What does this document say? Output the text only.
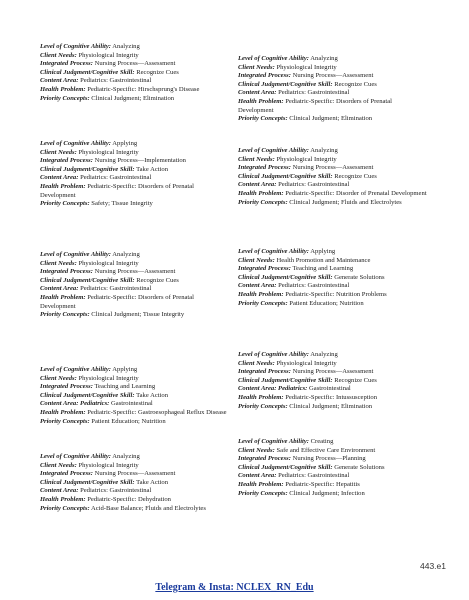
Level of Cognitive Ability: Analyzing
Client Needs: Physiological Integrity
Integrated Process: Nursing Process—Assessment
Clinical Judgment/Cognitive Skill: Recognize Cues
Content Area: Pediatrics: Gastrointestinal
Health Problem: Pediatric-Specific: Hirschsprung's Disease
Priority Concepts: Clinical Judgment; Elimination
Level of Cognitive Ability: Analyzing
Client Needs: Physiological Integrity
Integrated Process: Nursing Process—Assessment
Clinical Judgment/Cognitive Skill: Recognize Cues
Content Area: Pediatrics: Gastrointestinal
Health Problem: Pediatric-Specific: Disorders of Prenatal Development
Priority Concepts: Clinical Judgment; Elimination
Level of Cognitive Ability: Applying
Client Needs: Physiological Integrity
Integrated Process: Nursing Process—Implementation
Clinical Judgment/Cognitive Skill: Take Action
Content Area: Pediatrics: Gastrointestinal
Health Problem: Pediatric-Specific: Disorders of Prenatal Development
Priority Concepts: Safety; Tissue Integrity
Level of Cognitive Ability: Analyzing
Client Needs: Physiological Integrity
Integrated Process: Nursing Process—Assessment
Clinical Judgment/Cognitive Skill: Recognize Cues
Content Area: Pediatrics: Gastrointestinal
Health Problem: Pediatric-Specific: Disorder of Prenatal Development
Priority Concepts: Clinical Judgment; Fluids and Electrolytes
Level of Cognitive Ability: Analyzing
Client Needs: Physiological Integrity
Integrated Process: Nursing Process—Assessment
Clinical Judgment/Cognitive Skill: Recognize Cues
Content Area: Pediatrics: Gastrointestinal
Health Problem: Pediatric-Specific: Disorders of Prenatal Development
Priority Concepts: Clinical Judgment; Tissue Integrity
Level of Cognitive Ability: Applying
Client Needs: Health Promotion and Maintenance
Integrated Process: Teaching and Learning
Clinical Judgment/Cognitive Skill: Generate Solutions
Content Area: Pediatrics: Gastrointestinal
Health Problem: Pediatric-Specific: Nutrition Problems
Priority Concepts: Patient Education; Nutrition
Level of Cognitive Ability: Applying
Client Needs: Physiological Integrity
Integrated Process: Teaching and Learning
Clinical Judgment/Cognitive Skill: Take Action
Content Area: Pediatrics: Gastrointestinal
Health Problem: Pediatric-Specific: Gastroesophageal Reflux Disease
Priority Concepts: Patient Education; Nutrition
Level of Cognitive Ability: Analyzing
Client Needs: Physiological Integrity
Integrated Process: Nursing Process—Assessment
Clinical Judgment/Cognitive Skill: Recognize Cues
Content Area: Pediatrics: Gastrointestinal
Health Problem: Pediatric-Specific: Intussusception
Priority Concepts: Clinical Judgment; Elimination
Level of Cognitive Ability: Analyzing
Client Needs: Physiological Integrity
Integrated Process: Nursing Process—Assessment
Clinical Judgment/Cognitive Skill: Take Action
Content Area: Pediatrics: Gastrointestinal
Health Problem: Pediatric-Specific: Dehydration
Priority Concepts: Acid-Base Balance; Fluids and Electrolytes
Level of Cognitive Ability: Creating
Client Needs: Safe and Effective Care Environment
Integrated Process: Nursing Process—Planning
Clinical Judgment/Cognitive Skill: Generate Solutions
Content Area: Pediatrics: Gastrointestinal
Health Problem: Pediatric-Specific: Hepatitis
Priority Concepts: Clinical Judgment; Infection
443.e1
Telegram & Insta: NCLEX_RN_Edu
